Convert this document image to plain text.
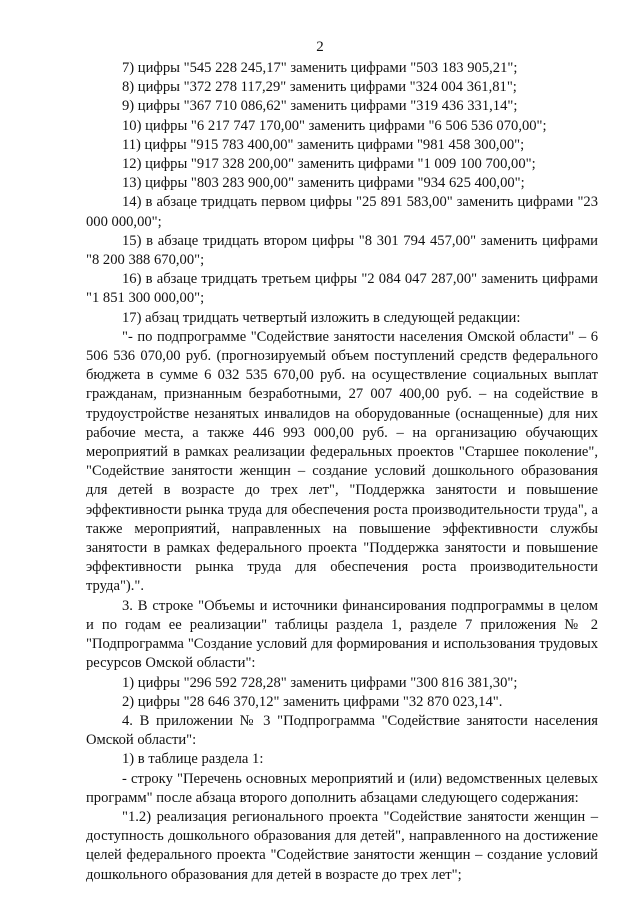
2

7) цифры "545 228 245,17" заменить цифрами "503 183 905,21";

8) цифры "372 278 117,29" заменить цифрами "324 004 361,81";

9) цифры "367 710 086,62" заменить цифрами "319 436 331,14";

10) цифры "6 217 747 170,00" заменить цифрами "6 506 536 070,00";

11) цифры "915 783 400,00" заменить цифрами "981 458 300,00";

12) цифры "917 328 200,00" заменить цифрами "1 009 100 700,00";

13) цифры "803 283 900,00" заменить цифрами "934 625 400,00";

14) в абзаце тридцать первом цифры "25 891 583,00" заменить цифрами "23 000 000,00";

15) в абзаце тридцать втором цифры "8 301 794 457,00" заменить цифрами "8 200 388 670,00";

16) в абзаце тридцать третьем цифры "2 084 047 287,00" заменить цифрами "1 851 300 000,00";

17) абзац тридцать четвертый изложить в следующей редакции:

"- по подпрограмме "Содействие занятости населения Омской области" – 6 506 536 070,00 руб. (прогнозируемый объем поступлений средств федерального бюджета в сумме 6 032 535 670,00 руб. на осуществление социальных выплат гражданам, признанным безработными, 27 007 400,00 руб. – на содействие в трудоустройстве незанятых инвалидов на оборудованные (оснащенные) для них рабочие места, а также 446 993 000,00 руб. – на организацию обучающих мероприятий в рамках реализации федеральных проектов "Старшее поколение", "Содействие занятости женщин – создание условий дошкольного образования для детей в возрасте до трех лет", "Поддержка занятости и повышение эффективности рынка труда для обеспечения роста производительности труда", а также мероприятий, направленных на повышение эффективности службы занятости в рамках федерального проекта "Поддержка занятости и повышение эффективности рынка труда для обеспечения роста производительности труда").".

3. В строке "Объемы и источники финансирования подпрограммы в целом и по годам ее реализации" таблицы раздела 1, разделе 7 приложения № 2 "Подпрограмма "Создание условий для формирования и использования трудовых ресурсов Омской области":

1) цифры "296 592 728,28" заменить цифрами "300 816 381,30";

2) цифры "28 646 370,12" заменить цифрами "32 870 023,14".

4. В приложении № 3 "Подпрограмма "Содействие занятости населения Омской области":

1) в таблице раздела 1:

- строку "Перечень основных мероприятий и (или) ведомственных целевых программ" после абзаца второго дополнить абзацами следующего содержания:

"1.2) реализация регионального проекта "Содействие занятости женщин – доступность дошкольного образования для детей", направленного на достижение целей федерального проекта "Содействие занятости женщин – создание условий дошкольного образования для детей в возрасте до трех лет";
